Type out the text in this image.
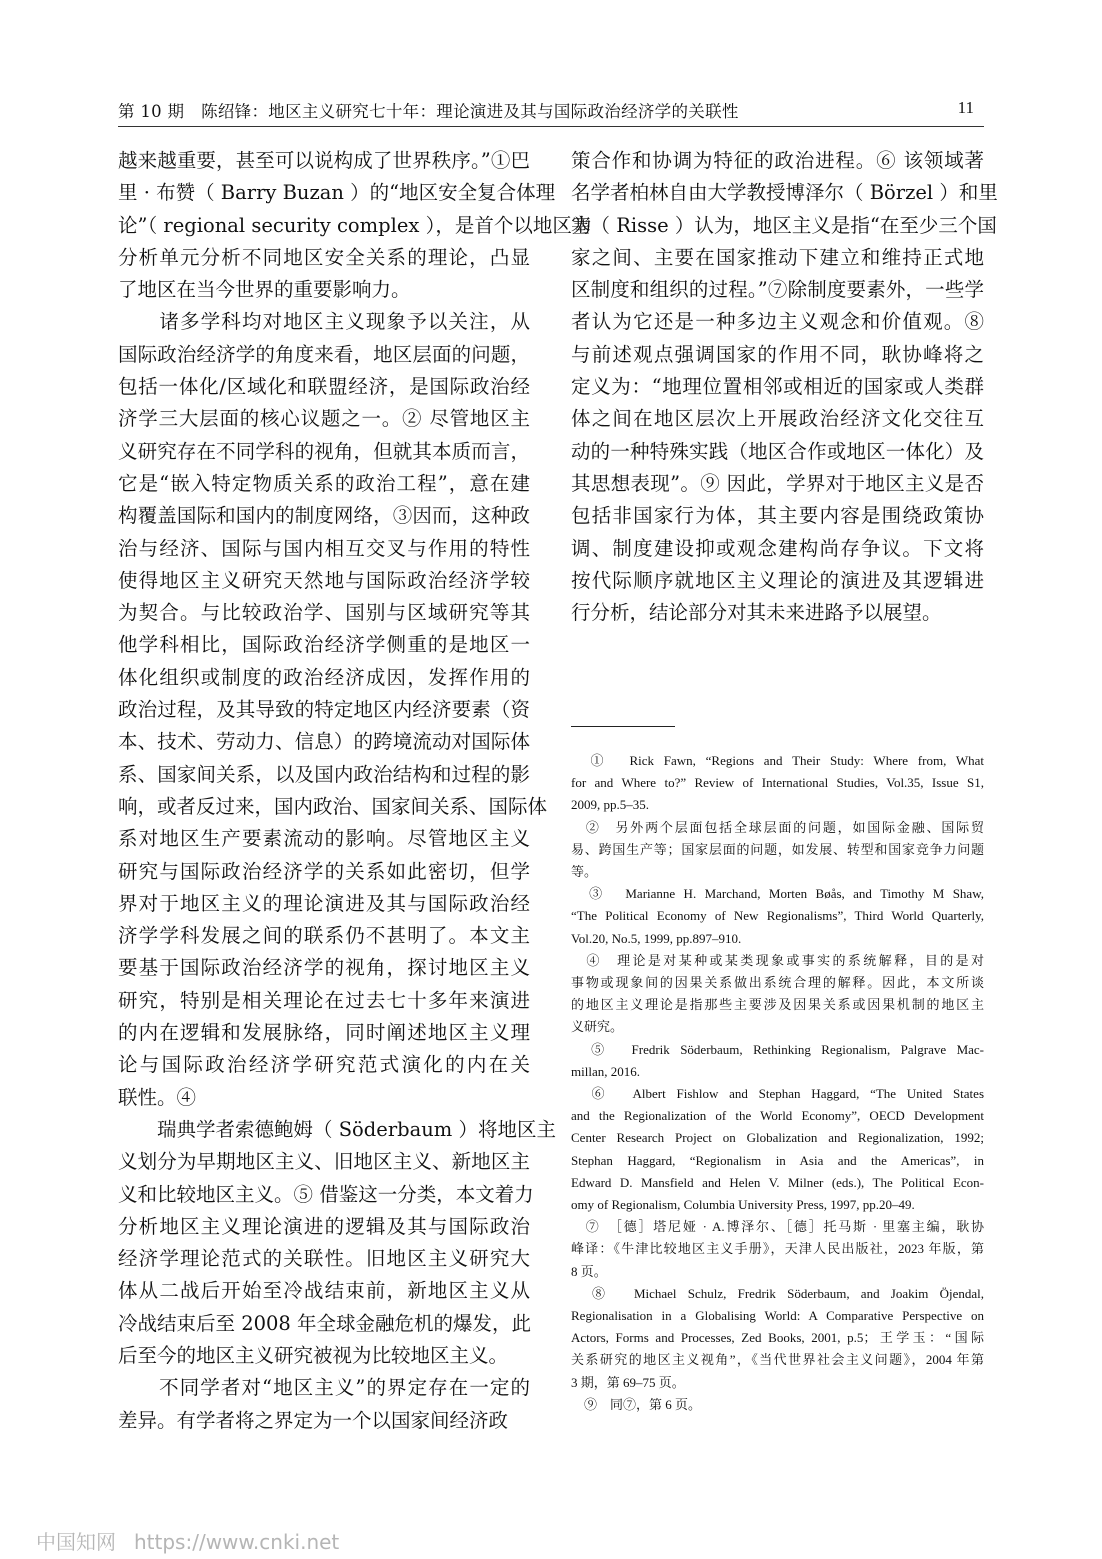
第 10 期　陈绍锋：地区主义研究七十年：理论演进及其与国际政治经济学的关联性	11
越来越重要，甚至可以说构成了世界秩序。”①巴
里 · 布赞（ Barry Buzan ）的“地区安全复合体理
论”（ regional security complex ），是首个以地区为
分析单元分析不同地区安全关系的理论，凸显
了地区在当今世界的重要影响力。
　　诸多学科均对地区主义现象予以关注，从
国际政治经济学的角度来看，地区层面的问题，
包括一体化/区域化和联盟经济，是国际政治经
济学三大层面的核心议题之一。② 尽管地区主
义研究存在不同学科的视角，但就其本质而言，
它是“嵌入特定物质关系的政治工程”，意在建
构覆盖国际和国内的制度网络，③因而，这种政
治与经济、国际与国内相互交叉与作用的特性
使得地区主义研究天然地与国际政治经济学较
为契合。与比较政治学、国别与区域研究等其
他学科相比，国际政治经济学侧重的是地区一
体化组织或制度的政治经济成因，发挥作用的
政治过程，及其导致的特定地区内经济要素（资
本、技术、劳动力、信息）的跨境流动对国际体
系、国家间关系，以及国内政治结构和过程的影
响，或者反过来，国内政治、国家间关系、国际体
系对地区生产要素流动的影响。尽管地区主义
研究与国际政治经济学的关系如此密切，但学
界对于地区主义的理论演进及其与国际政治经
济学学科发展之间的联系仍不甚明了。本文主
要基于国际政治经济学的视角，探讨地区主义
研究，特别是相关理论在过去七十多年来演进
的内在逻辑和发展脉络，同时阐述地区主义理
论与国际政治经济学研究范式演化的内在关
联性。④
　　瑞典学者索德鲍姆（ Söderbaum ）将地区主
义划分为早期地区主义、旧地区主义、新地区主
义和比较地区主义。⑤ 借鉴这一分类，本文着力
分析地区主义理论演进的逻辑及其与国际政治
经济学理论范式的关联性。旧地区主义研究大
体从二战后开始至冷战结束前，新地区主义从
冷战结束后至 2008 年全球金融危机的爆发，此
后至今的地区主义研究被视为比较地区主义。
　　不同学者对“地区主义”的界定存在一定的
差异。有学者将之界定为一个以国家间经济政
策合作和协调为特征的政治进程。⑥ 该领域著
名学者柏林自由大学教授博泽尔（ Börzel ）和里
塞（ Risse ）认为，地区主义是指“在至少三个国
家之间、主要在国家推动下建立和维持正式地
区制度和组织的过程。”⑦除制度要素外，一些学
者认为它还是一种多边主义观念和价值观。⑧
与前述观点强调国家的作用不同，耿协峰将之
定义为：“地理位置相邻或相近的国家或人类群
体之间在地区层次上开展政治经济文化交往互
动的一种特殊实践（地区合作或地区一体化）及
其思想表现”。⑨ 因此，学界对于地区主义是否
包括非国家行为体，其主要内容是围绕政策协
调、制度建设抑或观念建构尚存争议。下文将
按代际顺序就地区主义理论的演进及其逻辑进
行分析，结论部分对其未来进路予以展望。
　①　Rick Fawn, “Regions and Their Study: Where from, What
for and Where to?” Review of International Studies, Vol.35, Issue S1,
2009, pp.5–35.
　②　另外两个层面包括全球层面的问题，如国际金融、国际贸
易、跨国生产等；国家层面的问题，如发展、转型和国家竞争力问题
等。
　③　Marianne H. Marchand, Morten Bøås, and Timothy M Shaw,
“The Political Economy of New Regionalisms”, Third World Quarterly,
Vol.20, No.5, 1999, pp.897–910.
　④　理论是对某种或某类现象或事实的系统解释，目的是对
事物或现象间的因果关系做出系统合理的解释。因此，本文所谈
的地区主义理论是指那些主要涉及因果关系或因果机制的地区主
义研究。
　⑤　Fredrik Söderbaum, Rethinking Regionalism, Palgrave Mac-
millan, 2016.
　⑥　Albert Fishlow and Stephan Haggard, “The United States
and the Regionalization of the World Economy”, OECD Development
Center Research Project on Globalization and Regionalization, 1992;
Stephan Haggard, “Regionalism in Asia and the Americas”, in
Edward D. Mansfield and Helen V. Milner (eds.), The Political Econ-
omy of Regionalism, Columbia University Press, 1997, pp.20–49.
　⑦　［德］塔尼娅 · A.博泽尔、［德］托马斯 · 里塞主编，耿协
峰译：《牛津比较地区主义手册》，天津人民出版社，2023 年版，第
8 页。
　⑧　Michael Schulz, Fredrik Söderbaum, and Joakim Öjendal,
Regionalisation in a Globalising World: A Comparative Perspective on
Actors, Forms and Processes, Zed Books, 2001, p.5；王学玉：“国际
关系研究的地区主义视角”，《当代世界社会主义问题》，2004 年第
3 期，第 69–75 页。
　⑨　同⑦，第 6 页。
中国知网 https://www.cnki.net
